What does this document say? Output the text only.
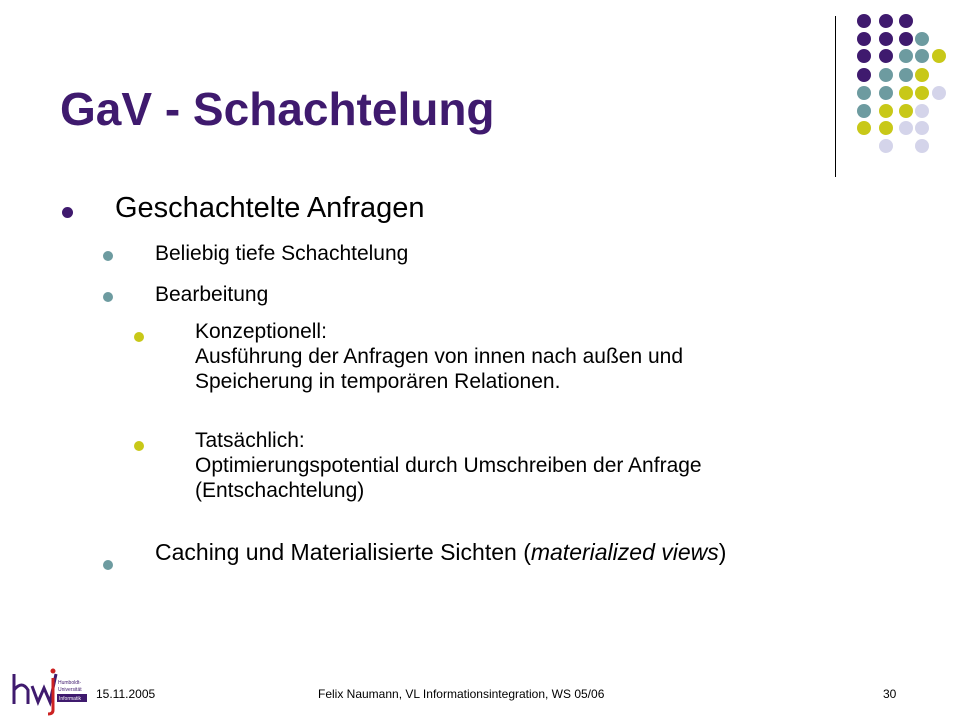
GaV - Schachtelung
Geschachtelte Anfragen
Beliebig tiefe Schachtelung
Bearbeitung
Konzeptionell:
Ausführung der Anfragen von innen nach außen und
Speicherung in temporären Relationen.
Tatsächlich:
Optimierungspotential durch Umschreiben der Anfrage
(Entschachtelung)
Caching und Materialisierte Sichten (materialized views)
Humboldt-
Universität
Informatik 15.11.2005	Felix Naumann, VL Informationsintegration, WS 05/06	30
